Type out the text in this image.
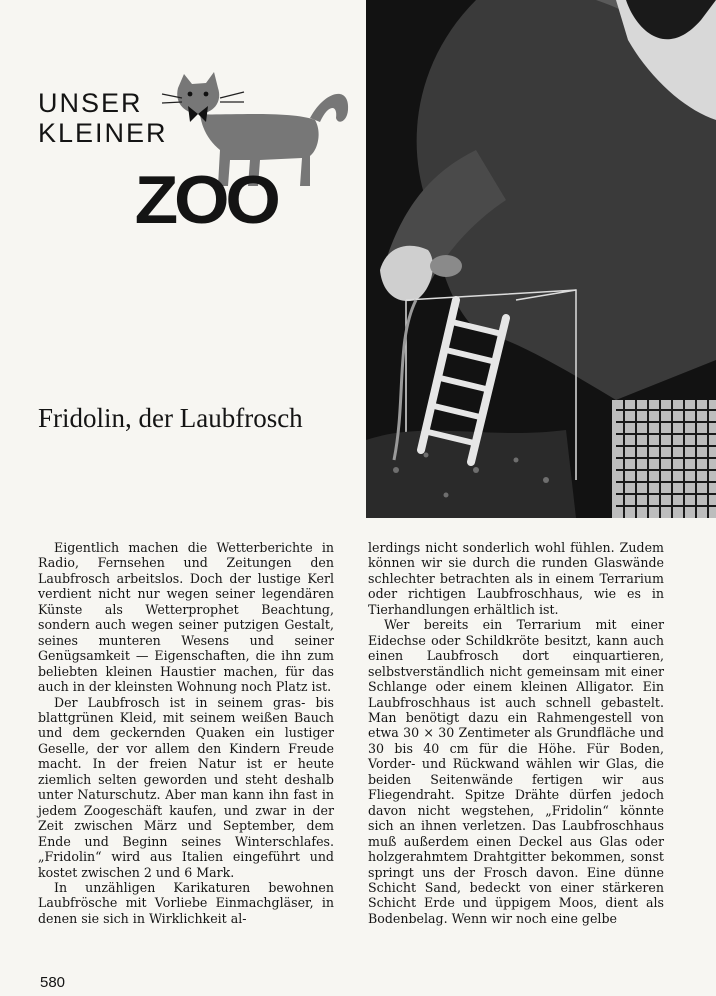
UNSER
KLEINER
ZOO
Fridolin, der Laubfrosch

Eigentlich machen die Wetterberichte in Radio, Fernsehen und Zeitungen den Laubfrosch arbeitslos. Doch der lustige Kerl verdient nicht nur wegen seiner legendären Künste als Wetterprophet Beachtung, sondern auch wegen seiner putzigen Gestalt, seines munteren Wesens und seiner Genügsamkeit — Eigenschaften, die ihn zum beliebten kleinen Haustier machen, für das auch in der kleinsten Wohnung noch Platz ist.

Der Laubfrosch ist in seinem gras- bis blattgrünen Kleid, mit seinem weißen Bauch und dem geckernden Quaken ein lustiger Geselle, der vor allem den Kindern Freude macht. In der freien Natur ist er heute ziemlich selten geworden und steht deshalb unter Naturschutz. Aber man kann ihn fast in jedem Zoogeschäft kaufen, und zwar in der Zeit zwischen März und September, dem Ende und Beginn seines Winterschlafes. „Fridolin“ wird aus Italien eingeführt und kostet zwischen 2 und 6 Mark.

In unzähligen Karikaturen bewohnen Laubfrösche mit Vorliebe Einmachgläser, in denen sie sich in Wirklichkeit al-

lerdings nicht sonderlich wohl fühlen. Zudem können wir sie durch die runden Glaswände schlechter betrachten als in einem Terrarium oder richtigen Laubfroschhaus, wie es in Tierhandlungen erhältlich ist.

Wer bereits ein Terrarium mit einer Eidechse oder Schildkröte besitzt, kann auch einen Laubfrosch dort einquartieren, selbstverständlich nicht gemeinsam mit einer Schlange oder einem kleinen Alligator. Ein Laubfroschhaus ist auch schnell gebastelt. Man benötigt dazu ein Rahmengestell von etwa 30 × 30 Zentimeter als Grundfläche und 30 bis 40 cm für die Höhe. Für Boden, Vorder- und Rückwand wählen wir Glas, die beiden Seitenwände fertigen wir aus Fliegendraht. Spitze Drähte dürfen jedoch davon nicht wegstehen, „Fridolin“ könnte sich an ihnen verletzen. Das Laubfroschhaus muß außerdem einen Deckel aus Glas oder holzgerahmtem Drahtgitter bekommen, sonst springt uns der Frosch davon. Eine dünne Schicht Sand, bedeckt von einer stärkeren Schicht Erde und üppigem Moos, dient als Bodenbelag. Wenn wir noch eine gelbe

580
